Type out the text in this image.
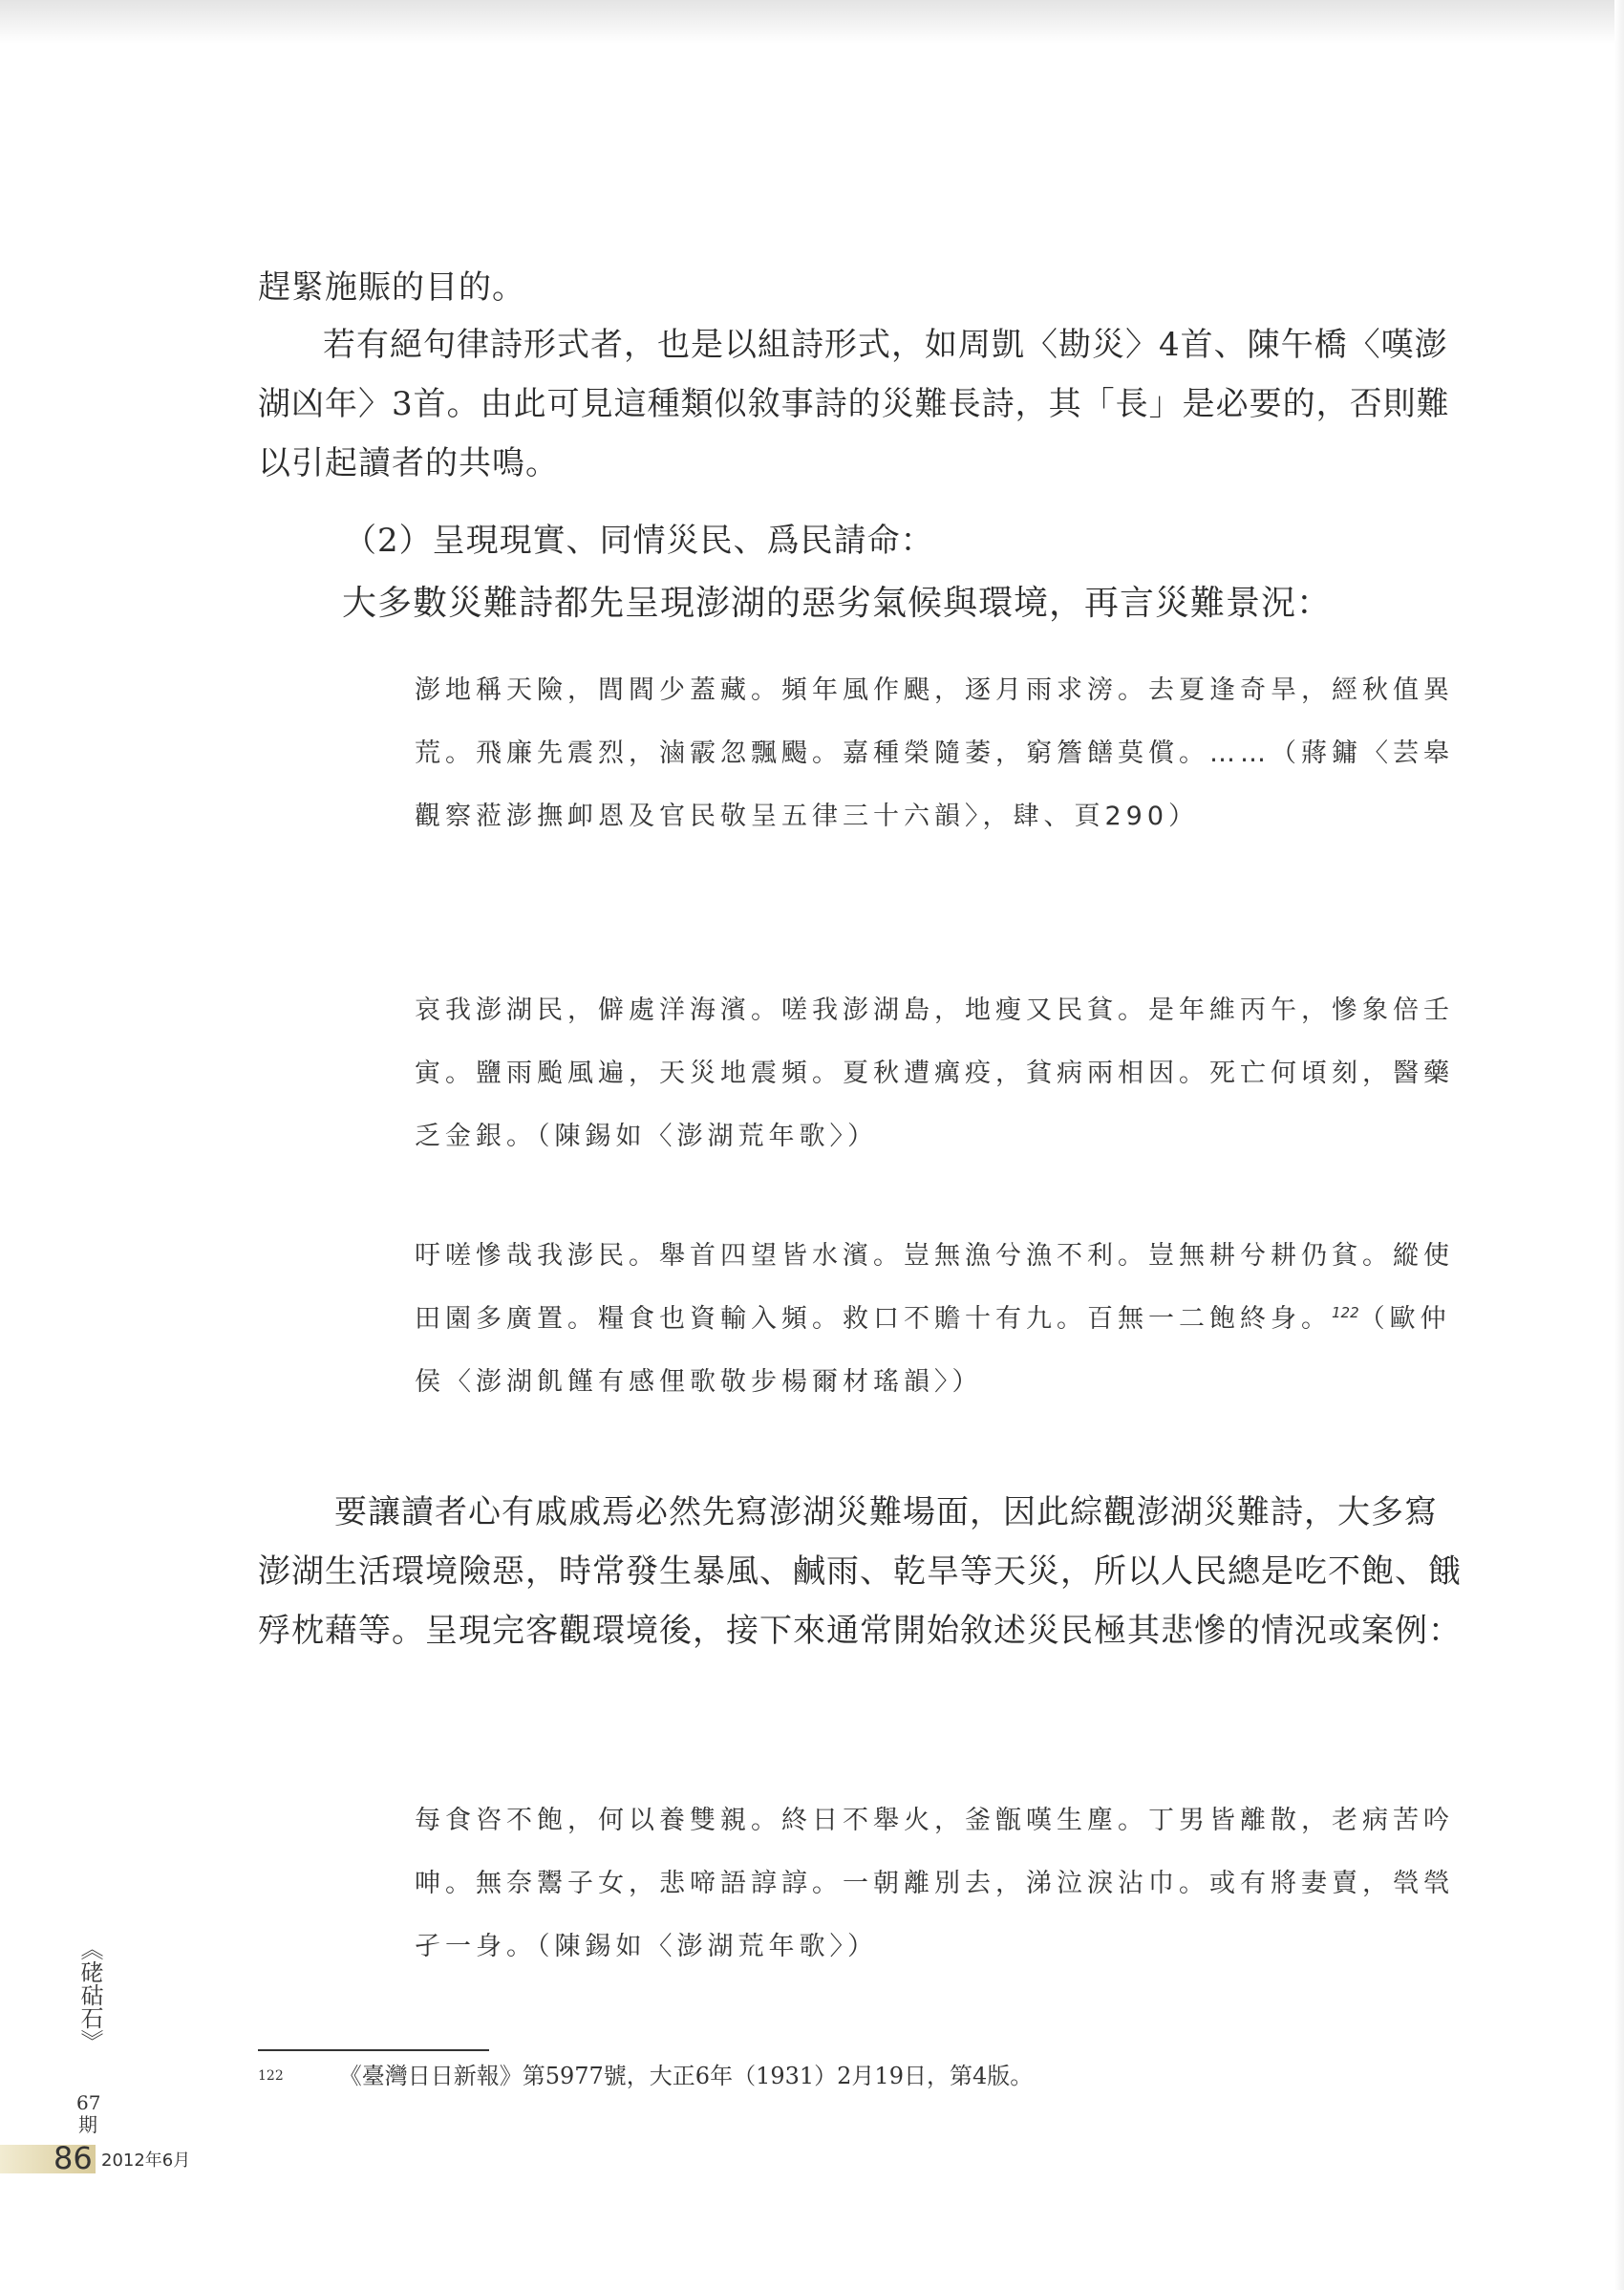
趕緊施賑的目的。

若有絕句律詩形式者，也是以組詩形式，如周凱〈勘災〉4首、陳午橋〈嘆澎湖凶年〉3首。由此可見這種類似敘事詩的災難長詩，其「長」是必要的，否則難以引起讀者的共鳴。

（2）呈現現實、同情災民、爲民請命：

大多數災難詩都先呈現澎湖的惡劣氣候與環境，再言災難景況：

澎地稱天險，閭閻少蓋藏。頻年風作颶，逐月雨求滂。去夏逢奇旱，經秋值異荒。飛廉先震烈，滷霰忽飄颺。嘉種榮隨萎，窮簷饍莫償。……（蔣鏞〈芸皋觀察蒞澎撫卹恩及官民敬呈五律三十六韻〉，肆、頁290）

哀我澎湖民，僻處洋海濱。嗟我澎湖島，地瘦又民貧。是年維丙午，慘象倍壬寅。鹽雨颱風遍，天災地震頻。夏秋遭癘疫，貧病兩相因。死亡何頃刻，醫藥乏金銀。（陳錫如〈澎湖荒年歌〉）

吁嗟慘哉我澎民。舉首四望皆水濱。豈無漁兮漁不利。豈無耕兮耕仍貧。縱使田園多廣置。糧食也資輸入頻。救口不贍十有九。百無一二飽終身。$^{122}$（歐仲侯〈澎湖飢饉有感俚歌敬步楊爾材瑤韻〉）

要讓讀者心有戚戚焉必然先寫澎湖災難場面，因此綜觀澎湖災難詩，大多寫澎湖生活環境險惡，時常發生暴風、鹹雨、乾旱等天災，所以人民總是吃不飽、餓殍枕藉等。呈現完客觀環境後，接下來通常開始敘述災民極其悲慘的情況或案例：

每食咨不飽，何以養雙親。終日不舉火，釜甑嘆生塵。丁男皆離散，老病苦吟呻。無奈鬻子女，悲啼語諄諄。一朝離別去，涕泣淚沾巾。或有將妻賣，煢煢孑一身。（陳錫如〈澎湖荒年歌〉）

122 《臺灣日日新報》第5977號，大正6年（1931）2月19日，第4版。

《硓𥑮石》
67
期
86 2012年6月
